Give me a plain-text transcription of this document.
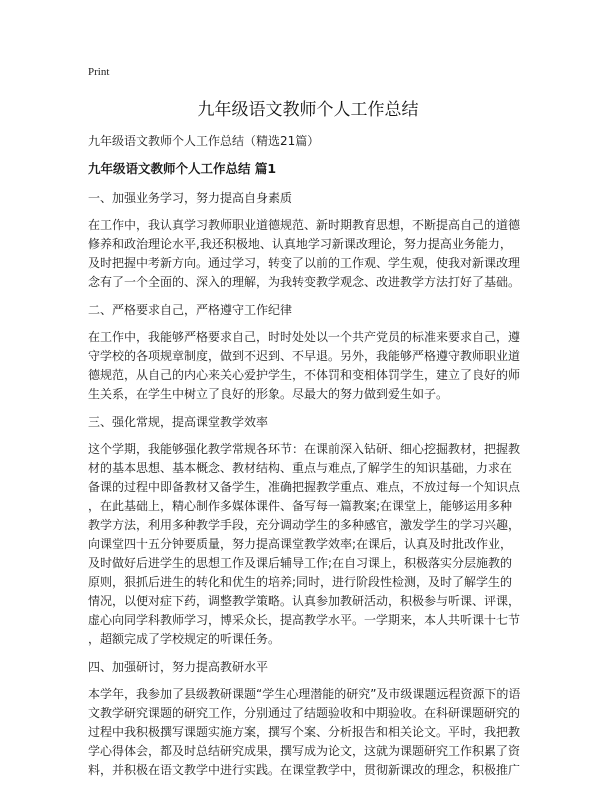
Print
九年级语文教师个人工作总结
九年级语文教师个人工作总结（精选21篇）
九年级语文教师个人工作总结 篇1
一、加强业务学习，努力提高自身素质
在工作中，我认真学习教师职业道德规范、新时期教育思想，不断提高自己的道德
修养和政治理论水平,我还积极地、认真地学习新课改理论，努力提高业务能力，
及时把握中考新方向。通过学习，转变了以前的工作观、学生观，使我对新课改理
念有了一个全面的、深入的理解，为我转变教学观念、改进教学方法打好了基础。
二、严格要求自己，严格遵守工作纪律
在工作中，我能够严格要求自己，时时处处以一个共产党员的标准来要求自己，遵
守学校的各项规章制度，做到不迟到、不早退。另外，我能够严格遵守教师职业道
德规范，从自己的内心来关心爱护学生，不体罚和变相体罚学生，建立了良好的师
生关系，在学生中树立了良好的形象。尽最大的努力做到爱生如子。
三、强化常规，提高课堂教学效率
这个学期，我能够强化教学常规各环节：在课前深入钻研、细心挖掘教材，把握教
材的基本思想、基本概念、教材结构、重点与难点,了解学生的知识基础，力求在
备课的过程中即备教材又备学生，准确把握教学重点、难点，不放过每一个知识点
，在此基础上，精心制作多媒体课件、备写每一篇教案;在课堂上，能够运用多种
教学方法，利用多种教学手段，充分调动学生的多种感官，激发学生的学习兴趣，
向课堂四十五分钟要质量，努力提高课堂教学效率;在课后，认真及时批改作业，
及时做好后进学生的思想工作及课后辅导工作;在自习课上，积极落实分层施教的
原则，狠抓后进生的转化和优生的培养;同时，进行阶段性检测，及时了解学生的
情况，以便对症下药，调整教学策略。认真参加教研活动，积极参与听课、评课，
虚心向同学科教师学习，博采众长，提高教学水平。一学期来，本人共听课十七节
，超额完成了学校规定的听课任务。
四、加强研讨，努力提高教研水平
本学年，我参加了县级教研课题“学生心理潜能的研究”及市级课题远程资源下的语
文教学研究课题的研究工作，分别通过了结题验收和中期验收。在科研课题研究的
过程中我积极撰写课题实施方案，撰写个案、分析报告和相关论文。平时，我把教
学心得体会，都及时总结研究成果，撰写成为论文，这就为课题研究工作积累了资
料，并积极在语文教学中进行实践。在课堂教学中，贯彻新课改的理念，积极推广
